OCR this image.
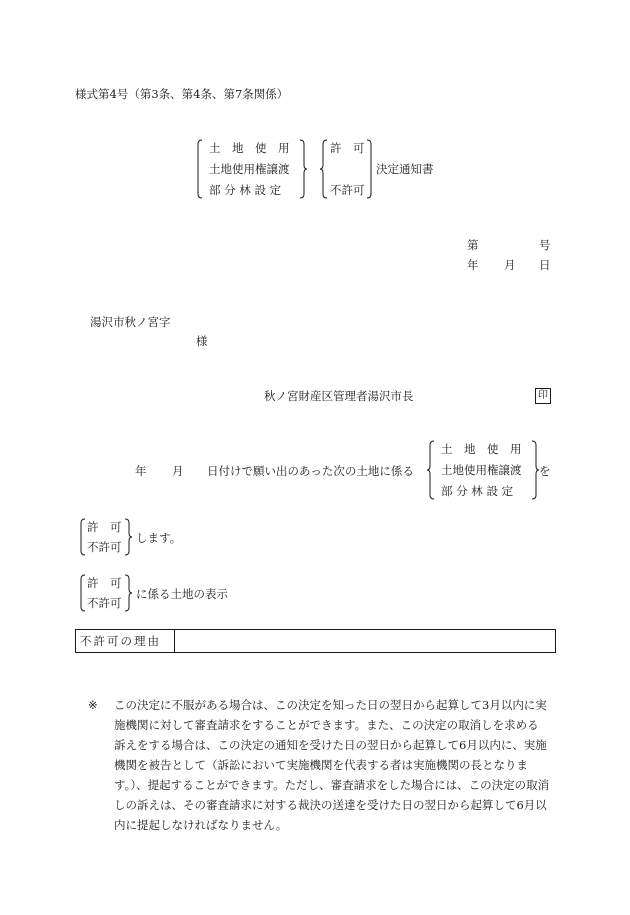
様式第4号（第3条、第4条、第7条関係）
土　地　使　用
土地使用権譲渡
部 分 林 設 定
許　可
不許可
決定通知書
第	号
年 月 日
湯沢市秋ノ宮字
様
秋ノ宮財産区管理者湯沢市長	印
年 月 日付けで願い出のあった次の土地に係る
土　地　使　用
土地使用権譲渡
部 分 林 設 定
を
許　可
不許可
します。
許　可
不許可
に係る土地の表示
不許可の理由	
※	この決定に不服がある場合は、この決定を知った日の翌日から起算して3月以内に実施機関に対して審査請求をすることができます。また、この決定の取消しを求める訴えをする場合は、この決定の通知を受けた日の翌日から起算して6月以内に、実施機関を被告として（訴訟において実施機関を代表する者は実施機関の長となります。）、提起することができます。ただし、審査請求をした場合には、この決定の取消しの訴えは、その審査請求に対する裁決の送達を受けた日の翌日から起算して6月以内に提起しなければなりません。
